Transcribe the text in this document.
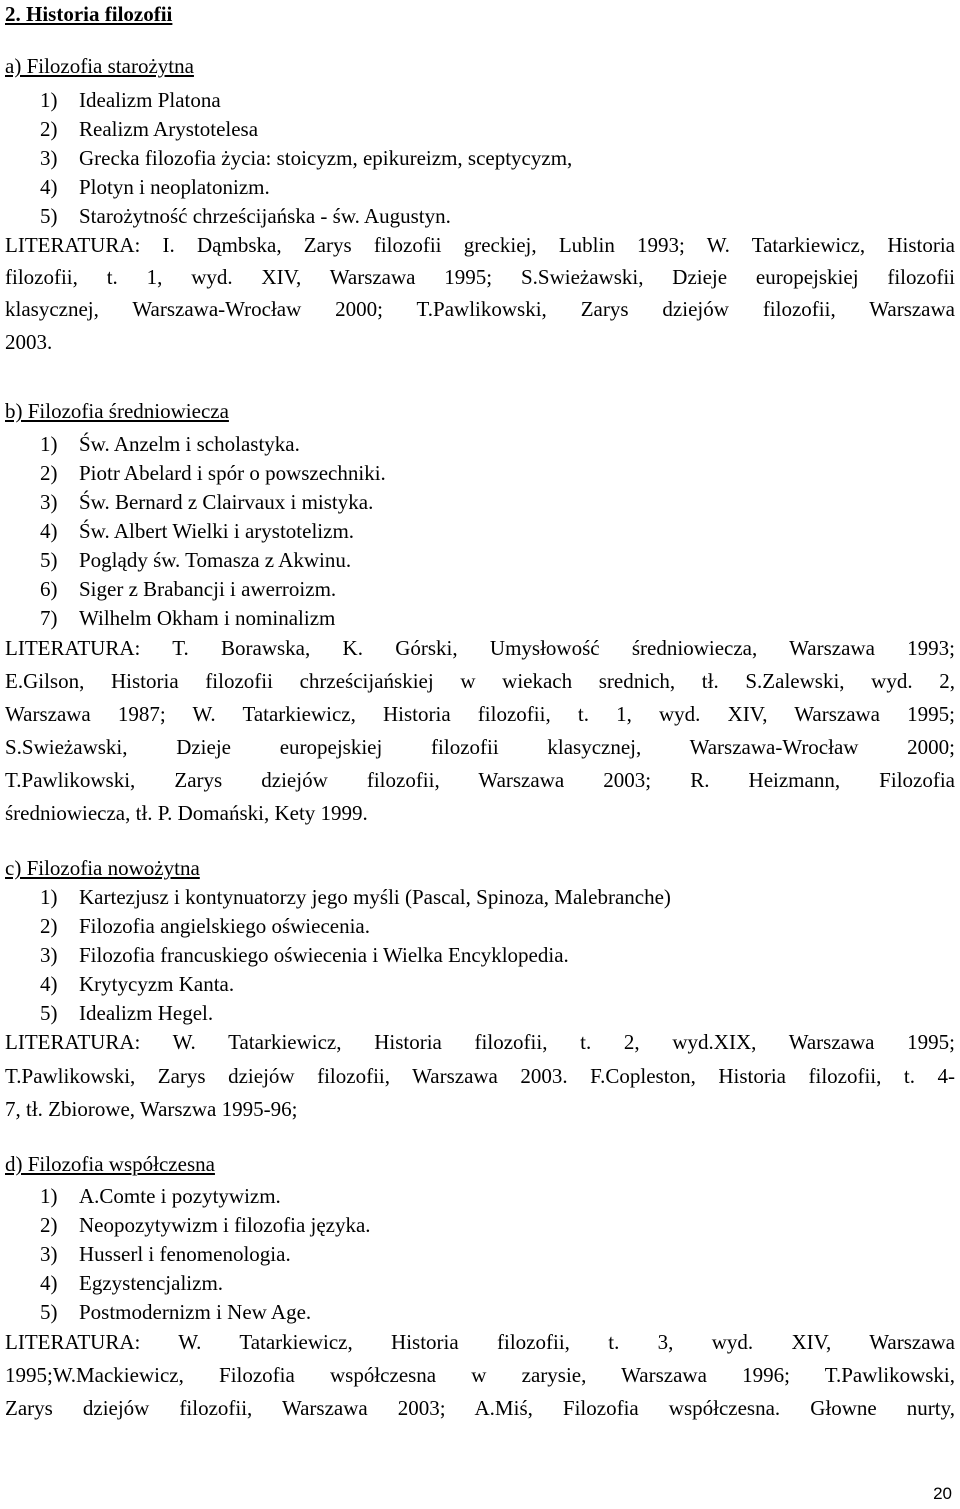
2. Historia filozofii
a) Filozofia starożytna
1) Idealizm Platona
2) Realizm Arystotelesa
3) Grecka filozofia życia: stoicyzm, epikureizm, sceptycyzm,
4) Plotyn i neoplatonizm.
5) Starożytność chrześcijańska - św. Augustyn.
LITERATURA: I. Dąmbska, Zarys filozofii greckiej, Lublin 1993; W. Tatarkiewicz, Historia
filozofii, t. 1, wyd. XIV, Warszawa 1995; S.Swieżawski, Dzieje europejskiej filozofii
klasycznej, Warszawa-Wrocław 2000; T.Pawlikowski, Zarys dziejów filozofii, Warszawa
2003.
b) Filozofia średniowiecza
1) Św. Anzelm i scholastyka.
2) Piotr Abelard i spór o powszechniki.
3) Św. Bernard z Clairvaux i mistyka.
4) Św. Albert Wielki i arystotelizm.
5) Poglądy św. Tomasza z Akwinu.
6) Siger z Brabancji i awerroizm.
7) Wilhelm Okham i nominalizm
LITERATURA: T. Borawska, K. Górski, Umysłowość średniowiecza, Warszawa 1993;
E.Gilson, Historia filozofii chrześcijańskiej w wiekach srednich, tł. S.Zalewski, wyd. 2,
Warszawa 1987; W. Tatarkiewicz, Historia filozofii, t. 1, wyd. XIV, Warszawa 1995;
S.Swieżawski, Dzieje europejskiej filozofii klasycznej, Warszawa-Wrocław 2000;
T.Pawlikowski, Zarys dziejów filozofii, Warszawa 2003; R. Heizmann, Filozofia
średniowiecza, tł. P. Domański, Kety 1999.
c) Filozofia nowożytna
1) Kartezjusz i kontynuatorzy jego myśli (Pascal, Spinoza, Malebranche)
2) Filozofia angielskiego oświecenia.
3) Filozofia francuskiego oświecenia i Wielka Encyklopedia.
4) Krytycyzm Kanta.
5) Idealizm Hegel.
LITERATURA: W. Tatarkiewicz, Historia filozofii, t. 2, wyd.XIX, Warszawa 1995;
T.Pawlikowski, Zarys dziejów filozofii, Warszawa 2003. F.Copleston, Historia filozofii, t. 4-
7, tł. Zbiorowe, Warszwa 1995-96;
d) Filozofia współczesna
1) A.Comte i pozytywizm.
2) Neopozytywizm i filozofia języka.
3) Husserl i fenomenologia.
4) Egzystencjalizm.
5) Postmodernizm i New Age.
LITERATURA: W. Tatarkiewicz, Historia filozofii, t. 3, wyd. XIV, Warszawa
1995;W.Mackiewicz, Filozofia współczesna w zarysie, Warszawa 1996; T.Pawlikowski,
Zarys dziejów filozofii, Warszawa 2003; A.Miś, Filozofia współczesna. Głowne nurty,
20
